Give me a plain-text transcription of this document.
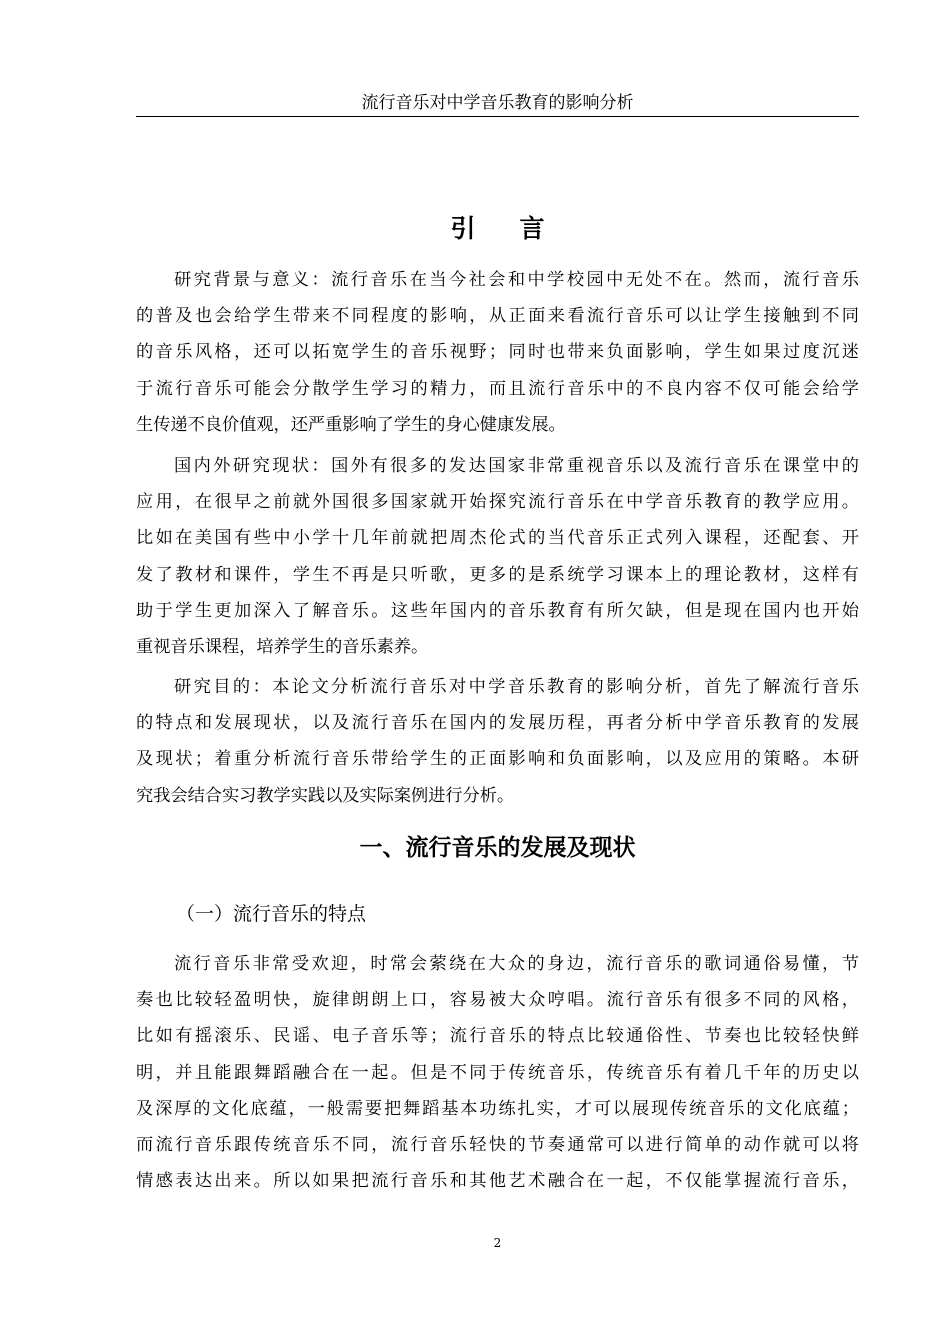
流行音乐对中学音乐教育的影响分析
引言
研究背景与意义：流行音乐在当今社会和中学校园中无处不在。然而，流行音乐
的普及也会给学生带来不同程度的影响，从正面来看流行音乐可以让学生接触到不同
的音乐风格，还可以拓宽学生的音乐视野；同时也带来负面影响，学生如果过度沉迷
于流行音乐可能会分散学生学习的精力，而且流行音乐中的不良内容不仅可能会给学
生传递不良价值观，还严重影响了学生的身心健康发展。
国内外研究现状：国外有很多的发达国家非常重视音乐以及流行音乐在课堂中的
应用，在很早之前就外国很多国家就开始探究流行音乐在中学音乐教育的教学应用。
比如在美国有些中小学十几年前就把周杰伦式的当代音乐正式列入课程，还配套、开
发了教材和课件，学生不再是只听歌，更多的是系统学习课本上的理论教材，这样有
助于学生更加深入了解音乐。这些年国内的音乐教育有所欠缺，但是现在国内也开始
重视音乐课程，培养学生的音乐素养。
研究目的：本论文分析流行音乐对中学音乐教育的影响分析，首先了解流行音乐
的特点和发展现状，以及流行音乐在国内的发展历程，再者分析中学音乐教育的发展
及现状；着重分析流行音乐带给学生的正面影响和负面影响，以及应用的策略。本研
究我会结合实习教学实践以及实际案例进行分析。
一、流行音乐的发展及现状
（一）流行音乐的特点
流行音乐非常受欢迎，时常会萦绕在大众的身边，流行音乐的歌词通俗易懂，节
奏也比较轻盈明快，旋律朗朗上口，容易被大众哼唱。流行音乐有很多不同的风格，
比如有摇滚乐、民谣、电子音乐等；流行音乐的特点比较通俗性、节奏也比较轻快鲜
明，并且能跟舞蹈融合在一起。但是不同于传统音乐，传统音乐有着几千年的历史以
及深厚的文化底蕴，一般需要把舞蹈基本功练扎实，才可以展现传统音乐的文化底蕴；
而流行音乐跟传统音乐不同，流行音乐轻快的节奏通常可以进行简单的动作就可以将
情感表达出来。所以如果把流行音乐和其他艺术融合在一起，不仅能掌握流行音乐，
2
